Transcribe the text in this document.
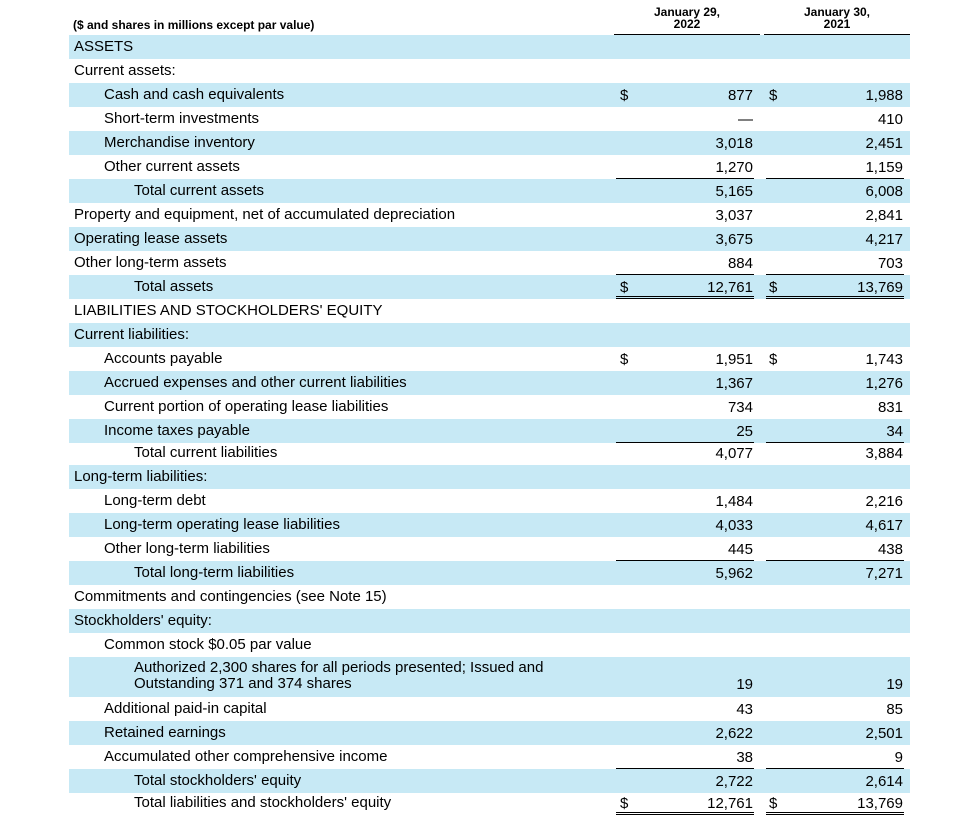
($ and shares in millions except par value)
January 29,
2022
January 30,
2021
ASSETS
Current assets:
Cash and cash equivalents	$	877 $	1,988
Short-term investments	—	410
Merchandise inventory	3,018	2,451
Other current assets	1,270	1,159
Total current assets	5,165	6,008
Property and equipment, net of accumulated depreciation	3,037	2,841
Operating lease assets	3,675	4,217
Other long-term assets	884	703
Total assets	$	12,761 $	13,769
LIABILITIES AND STOCKHOLDERS' EQUITY
Current liabilities:
Accounts payable	$	1,951 $	1,743
Accrued expenses and other current liabilities	1,367	1,276
Current portion of operating lease liabilities	734	831
Income taxes payable	25	34
Total current liabilities	4,077	3,884
Long-term liabilities:
Long-term debt	1,484	2,216
Long-term operating lease liabilities	4,033	4,617
Other long-term liabilities	445	438
Total long-term liabilities	5,962	7,271
Commitments and contingencies (see Note 15)
Stockholders' equity:
Common stock $0.05 par value
Authorized 2,300 shares for all periods presented; Issued and
Outstanding 371 and 374 shares	19	19
Additional paid-in capital	43	85
Retained earnings	2,622	2,501
Accumulated other comprehensive income	38	9
Total stockholders' equity	2,722	2,614
Total liabilities and stockholders' equity	$	12,761 $	13,769
